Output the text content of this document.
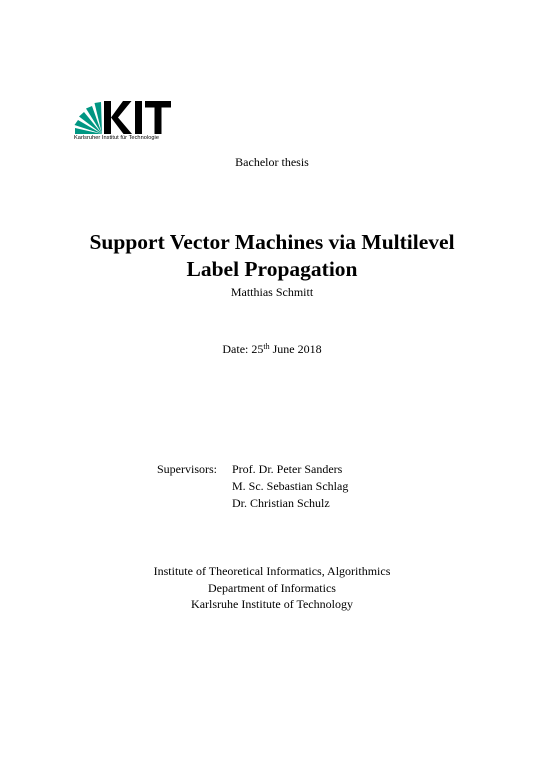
Karlsruher Institut für Technologie
Bachelor thesis
Support Vector Machines via Multilevel
Label Propagation
Matthias Schmitt
Date: 25th June 2018
Supervisors: Prof. Dr. Peter Sanders
M. Sc. Sebastian Schlag
Dr. Christian Schulz
Institute of Theoretical Informatics, Algorithmics
Department of Informatics
Karlsruhe Institute of Technology
